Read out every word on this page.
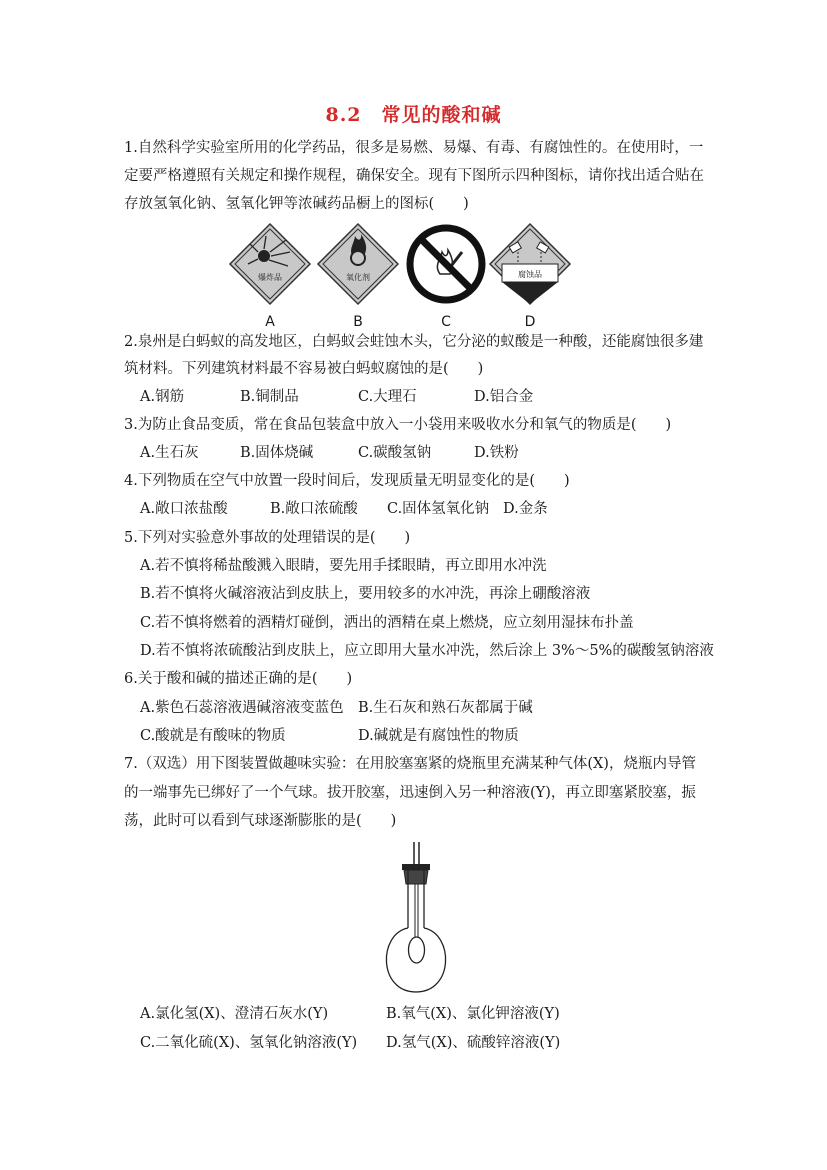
8.2　常见的酸和碱
1.自然科学实验室所用的化学药品，很多是易燃、易爆、有毒、有腐蚀性的。在使用时，一
定要严格遵照有关规定和操作规程，确保安全。现有下图所示四种图标，请你找出适合贴在
存放氢氧化钠、氢氧化钾等浓碱药品橱上的图标(　　)
爆炸品
A
氧化剂
B	C
腐蚀品
D
2.泉州是白蚂蚁的高发地区，白蚂蚁会蛀蚀木头，它分泌的蚁酸是一种酸，还能腐蚀很多建
筑材料。下列建筑材料最不容易被白蚂蚁腐蚀的是(　　)
A.钢筋	B.铜制品	C.大理石	D.铝合金
3.为防止食品变质，常在食品包装盒中放入一小袋用来吸收水分和氧气的物质是(　　)
A.生石灰	B.固体烧碱	C.碳酸氢钠	D.铁粉
4.下列物质在空气中放置一段时间后，发现质量无明显变化的是(　　)
A.敞口浓盐酸	B.敞口浓硫酸 C.固体氢氧化钠 D.金条
5.下列对实验意外事故的处理错误的是(　　)
A.若不慎将稀盐酸溅入眼睛，要先用手揉眼睛，再立即用水冲洗
B.若不慎将火碱溶液沾到皮肤上，要用较多的水冲洗，再涂上硼酸溶液
C.若不慎将燃着的酒精灯碰倒，洒出的酒精在桌上燃烧，应立刻用湿抹布扑盖
D.若不慎将浓硫酸沾到皮肤上，应立即用大量水冲洗，然后涂上 3%～5%的碳酸氢钠溶液
6.关于酸和碱的描述正确的是(　　)
A.紫色石蕊溶液遇碱溶液变蓝色 B.生石灰和熟石灰都属于碱
C.酸就是有酸味的物质	D.碱就是有腐蚀性的物质
7.（双选）用下图装置做趣味实验：在用胶塞塞紧的烧瓶里充满某种气体(X)，烧瓶内导管
的一端事先已绑好了一个气球。拔开胶塞，迅速倒入另一种溶液(Y)，再立即塞紧胶塞，振
荡，此时可以看到气球逐渐膨胀的是(　　)
A.氯化氢(X)、澄清石灰水(Y)	B.氧气(X)、氯化钾溶液(Y)
C.二氧化硫(X)、氢氧化钠溶液(Y) D.氢气(X)、硫酸锌溶液(Y)
